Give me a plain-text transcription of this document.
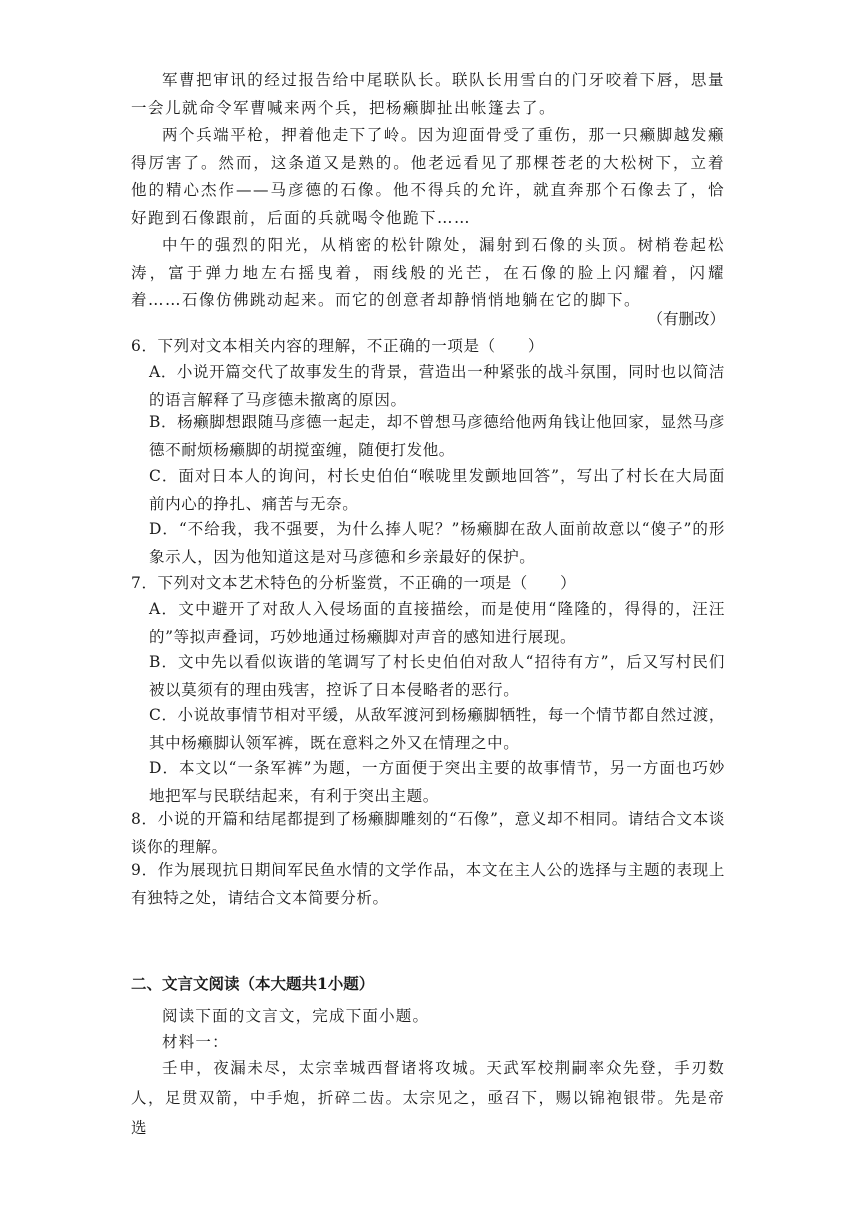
军曹把审讯的经过报告给中尾联队长。联队长用雪白的门牙咬着下唇，思量一会儿就命令军曹喊来两个兵，把杨癞脚扯出帐篷去了。

两个兵端平枪，押着他走下了岭。因为迎面骨受了重伤，那一只癞脚越发癞得厉害了。然而，这条道又是熟的。他老远看见了那棵苍老的大松树下，立着他的精心杰作——马彦德的石像。他不得兵的允许，就直奔那个石像去了，恰好跑到石像跟前，后面的兵就喝令他跪下……

中午的强烈的阳光，从梢密的松针隙处，漏射到石像的头顶。树梢卷起松涛，富于弹力地左右摇曳着，雨线般的光芒，在石像的脸上闪耀着，闪耀着……石像仿佛跳动起来。而它的创意者却静悄悄地躺在它的脚下。

（有删改）

6．下列对文本相关内容的理解，不正确的一项是（　　）

A．小说开篇交代了故事发生的背景，营造出一种紧张的战斗氛围，同时也以简洁的语言解释了马彦德未撤离的原因。

B．杨癞脚想跟随马彦德一起走，却不曾想马彦德给他两角钱让他回家，显然马彦德不耐烦杨癞脚的胡搅蛮缠，随便打发他。

C．面对日本人的询问，村长史伯伯“喉咙里发颤地回答”，写出了村长在大局面前内心的挣扎、痛苦与无奈。

D．“不给我，我不强要，为什么捧人呢？”杨癞脚在敌人面前故意以“傻子”的形象示人，因为他知道这是对马彦德和乡亲最好的保护。

7．下列对文本艺术特色的分析鉴赏，不正确的一项是（　　）

A．文中避开了对敌人入侵场面的直接描绘，而是使用“隆隆的，得得的，汪汪的”等拟声叠词，巧妙地通过杨癞脚对声音的感知进行展现。

B．文中先以看似诙谐的笔调写了村长史伯伯对敌人“招待有方”，后又写村民们被以莫须有的理由残害，控诉了日本侵略者的恶行。

C．小说故事情节相对平缓，从敌军渡河到杨癞脚牺牲，每一个情节都自然过渡，其中杨癞脚认领军裤，既在意料之外又在情理之中。

D．本文以“一条军裤”为题，一方面便于突出主要的故事情节，另一方面也巧妙地把军与民联结起来，有利于突出主题。

8．小说的开篇和结尾都提到了杨癞脚雕刻的“石像”，意义却不相同。请结合文本谈谈你的理解。

9．作为展现抗日期间军民鱼水情的文学作品，本文在主人公的选择与主题的表现上有独特之处，请结合文本简要分析。

二、文言文阅读（本大题共1小题）

阅读下面的文言文，完成下面小题。

材料一：

壬申，夜漏未尽，太宗幸城西督诸将攻城。天武军校荆嗣率众先登，手刃数人，足贯双箭，中手炮，折碎二齿。太宗见之，亟召下，赐以锦袍银带。先是帝选
